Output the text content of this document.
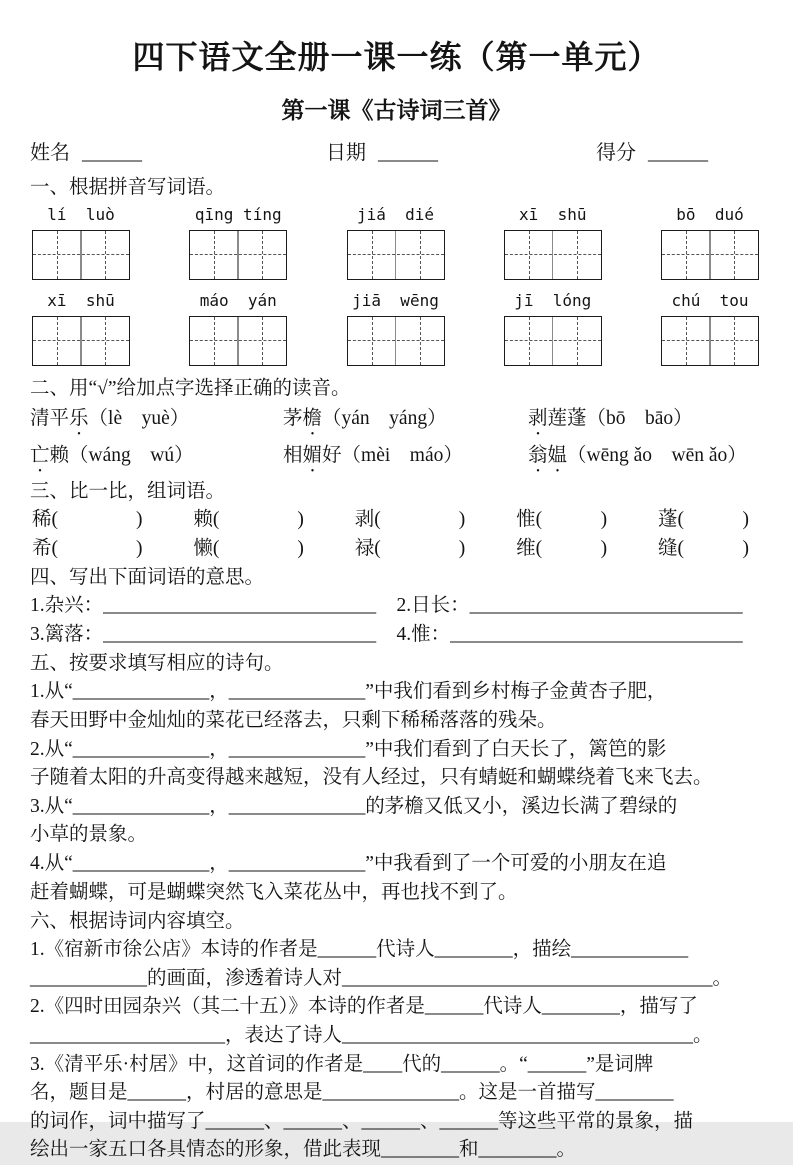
四下语文全册一课一练（第一单元）
第一课《古诗词三首》
姓名 ______	日期 ______	得分 ______
一、根据拼音写词语。
lí  luò	qīng tíng	jiá  dié	xī  shū	bō  duó
xī  shū	máo  yán	jiā  wēng	jī  lóng	chú  tou
二、用“√”给加点字选择正确的读音。
清平乐（lè　yuè）	茅檐（yán　yáng）	剥莲蓬（bō　bāo）
亡赖（wáng　wú）	相媚好（mèi　máo）	翁媪（wēng ǎo　wēn ǎo）
三、比一比，组词语。
稀(　　　　)	赖(　　　　)	剥(　　　　)	惟(　　　)	蓬(　　　)
希(　　　　)	懒(　　　　)	禄(　　　　)	维(　　　)	缝(　　　)
四、写出下面词语的意思。
1.杂兴：____________________________	2.日长：____________________________
3.篱落：____________________________	4.惟：______________________________
五、按要求填写相应的诗句。
1.从“______________，______________”中我们看到乡村梅子金黄杏子肥，
春天田野中金灿灿的菜花已经落去，只剩下稀稀落落的残朵。
2.从“______________，______________”中我们看到了白天长了，篱笆的影
子随着太阳的升高变得越来越短，没有人经过，只有蜻蜓和蝴蝶绕着飞来飞去。
3.从“______________，______________的茅檐又低又小，溪边长满了碧绿的
小草的景象。
4.从“______________，______________”中我看到了一个可爱的小朋友在追
赶着蝴蝶，可是蝴蝶突然飞入菜花丛中，再也找不到了。
六、根据诗词内容填空。
1.《宿新市徐公店》本诗的作者是______代诗人________，描绘____________
____________的画面，渗透着诗人对______________________________________。
2.《四时田园杂兴（其二十五）》本诗的作者是______代诗人________，描写了
____________________，表达了诗人____________________________________。
3.《清平乐·村居》中，这首词的作者是____代的______。“______”是词牌
名，题目是______，村居的意思是______________。这是一首描写________
的词作，词中描写了______、______、______、______等这些平常的景象，描
绘出一家五口各具情态的形象，借此表现________和________。
